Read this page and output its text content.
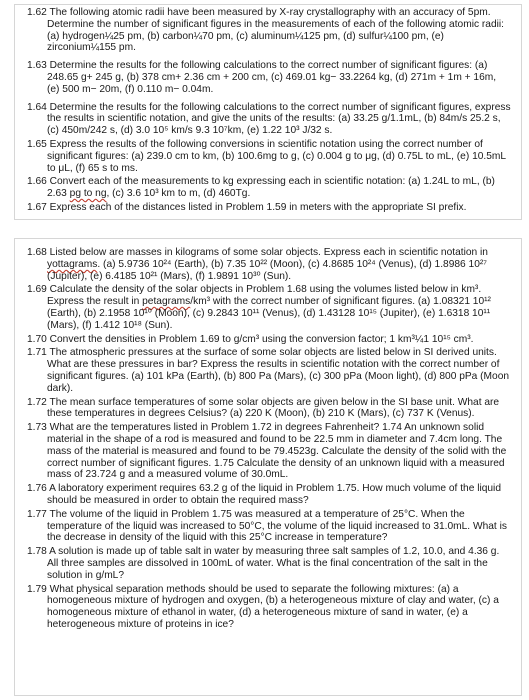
1.62 The following atomic radii have been measured by X-ray crystallography with an accuracy of 5pm. Determine the number of significant figures in the measurements of each of the following atomic radii: (a) hydrogen¼25 pm, (b) carbon¼70 pm, (c) aluminum¼125 pm, (d) sulfur¼100 pm, (e) zirconium¼155 pm.

1.63 Determine the results for the following calculations to the correct number of significant figures: (a) 248.65 g+ 245 g, (b) 378 cm+ 2.36 cm + 200 cm, (c) 469.01 kg− 33.2264 kg, (d) 271m + 1m + 16m, (e) 500 m− 20m, (f) 0.110 m− 0.04m.

1.64 Determine the results for the following calculations to the correct number of significant figures, express the results in scientific notation, and give the units of the results: (a) 33.25 g/1.1mL, (b) 84m/s 25.2 s, (c) 450m/242 s, (d) 3.0 10⁵ km/s 9.3 10⁷km, (e) 1.22 10³ J/32 s.

1.65 Express the results of the following conversions in scientific notation using the correct number of significant figures: (a) 239.0 cm to km, (b) 100.6mg to g, (c) 0.004 g to μg, (d) 0.75L to mL, (e) 10.5mL to μL, (f) 65 s to ms.

1.66 Convert each of the measurements to kg expressing each in scientific notation: (a) 1.24L to mL, (b) 2.63 pg to ng, (c) 3.6 10³ km to m, (d) 460Tg.

1.67 Express each of the distances listed in Problem 1.59 in meters with the appropriate SI prefix.

1.68 Listed below are masses in kilograms of some solar objects. Express each in scientific notation in yottagrams. (a) 5.9736 10²⁴ (Earth), (b) 7.35 10²² (Moon), (c) 4.8685 10²⁴ (Venus), (d) 1.8986 10²⁷ (Jupiter), (e) 6.4185 10²¹ (Mars), (f) 1.9891 10³⁰ (Sun).

1.69 Calculate the density of the solar objects in Problem 1.68 using the volumes listed below in km³. Express the result in petagrams/km³ with the correct number of significant figures. (a) 1.08321 10¹² (Earth), (b) 2.1958 10¹⁰ (Moon), (c) 9.2843 10¹¹ (Venus), (d) 1.43128 10¹⁵ (Jupiter), (e) 1.6318 10¹¹ (Mars), (f) 1.412 10¹⁸ (Sun).

1.70 Convert the densities in Problem 1.69 to g/cm³ using the conversion factor; 1 km³¼1 10¹⁵ cm³.

1.71 The atmospheric pressures at the surface of some solar objects are listed below in SI derived units. What are these pressures in bar? Express the results in scientific notation with the correct number of significant figures. (a) 101 kPa (Earth), (b) 800 Pa (Mars), (c) 300 pPa (Moon light), (d) 800 pPa (Moon dark).

1.72 The mean surface temperatures of some solar objects are given below in the SI base unit. What are these temperatures in degrees Celsius? (a) 220 K (Moon), (b) 210 K (Mars), (c) 737 K (Venus).

1.73 What are the temperatures listed in Problem 1.72 in degrees Fahrenheit? 1.74 An unknown solid material in the shape of a rod is measured and found to be 22.5 mm in diameter and 7.4cm long. The mass of the material is measured and found to be 79.4523g. Calculate the density of the solid with the correct number of significant figures. 1.75 Calculate the density of an unknown liquid with a measured mass of 23.724 g and a measured volume of 30.0mL.

1.76 A laboratory experiment requires 63.2 g of the liquid in Problem 1.75. How much volume of the liquid should be measured in order to obtain the required mass?

1.77 The volume of the liquid in Problem 1.75 was measured at a temperature of 25°C. When the temperature of the liquid was increased to 50°C, the volume of the liquid increased to 31.0mL. What is the decrease in density of the liquid with this 25°C increase in temperature?

1.78 A solution is made up of table salt in water by measuring three salt samples of 1.2, 10.0, and 4.36 g. All three samples are dissolved in 100mL of water. What is the final concentration of the salt in the solution in g/mL?

1.79 What physical separation methods should be used to separate the following mixtures: (a) a homogeneous mixture of hydrogen and oxygen, (b) a heterogeneous mixture of clay and water, (c) a homogeneous mixture of ethanol in water, (d) a heterogeneous mixture of sand in water, (e) a heterogeneous mixture of proteins in ice?
